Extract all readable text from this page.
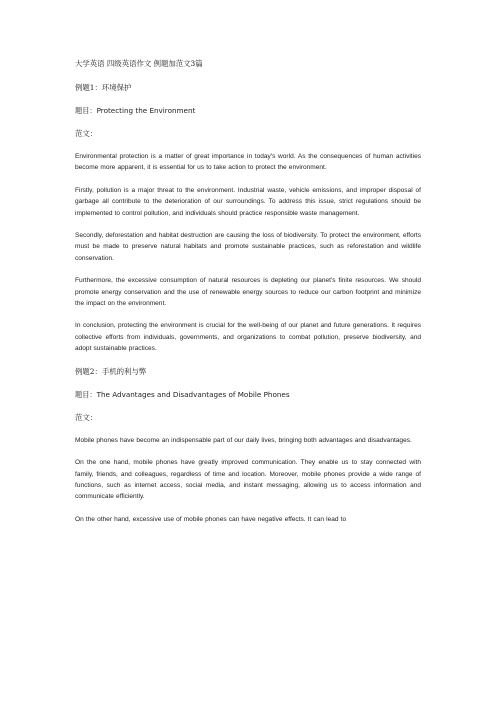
大学英语 四级英语作文 例题加范文3篇
例题1：环境保护
题目：Protecting the Environment
范文：

Environmental protection is a matter of great importance in today's world. As the consequences of human activities become more apparent, it is essential for us to take action to protect the environment.

Firstly, pollution is a major threat to the environment. Industrial waste, vehicle emissions, and improper disposal of garbage all contribute to the deterioration of our surroundings. To address this issue, strict regulations should be implemented to control pollution, and individuals should practice responsible waste management.

Secondly, deforestation and habitat destruction are causing the loss of biodiversity. To protect the environment, efforts must be made to preserve natural habitats and promote sustainable practices, such as reforestation and wildlife conservation.

Furthermore, the excessive consumption of natural resources is depleting our planet's finite resources. We should promote energy conservation and the use of renewable energy sources to reduce our carbon footprint and minimize the impact on the environment.

In conclusion, protecting the environment is crucial for the well-being of our planet and future generations. It requires collective efforts from individuals, governments, and organizations to combat pollution, preserve biodiversity, and adopt sustainable practices.

例题2：手机的利与弊
题目：The Advantages and Disadvantages of Mobile Phones
范文：

Mobile phones have become an indispensable part of our daily lives, bringing both advantages and disadvantages.

On the one hand, mobile phones have greatly improved communication. They enable us to stay connected with family, friends, and colleagues, regardless of time and location. Moreover, mobile phones provide a wide range of functions, such as internet access, social media, and instant messaging, allowing us to access information and communicate efficiently.

On the other hand, excessive use of mobile phones can have negative effects. It can lead to
